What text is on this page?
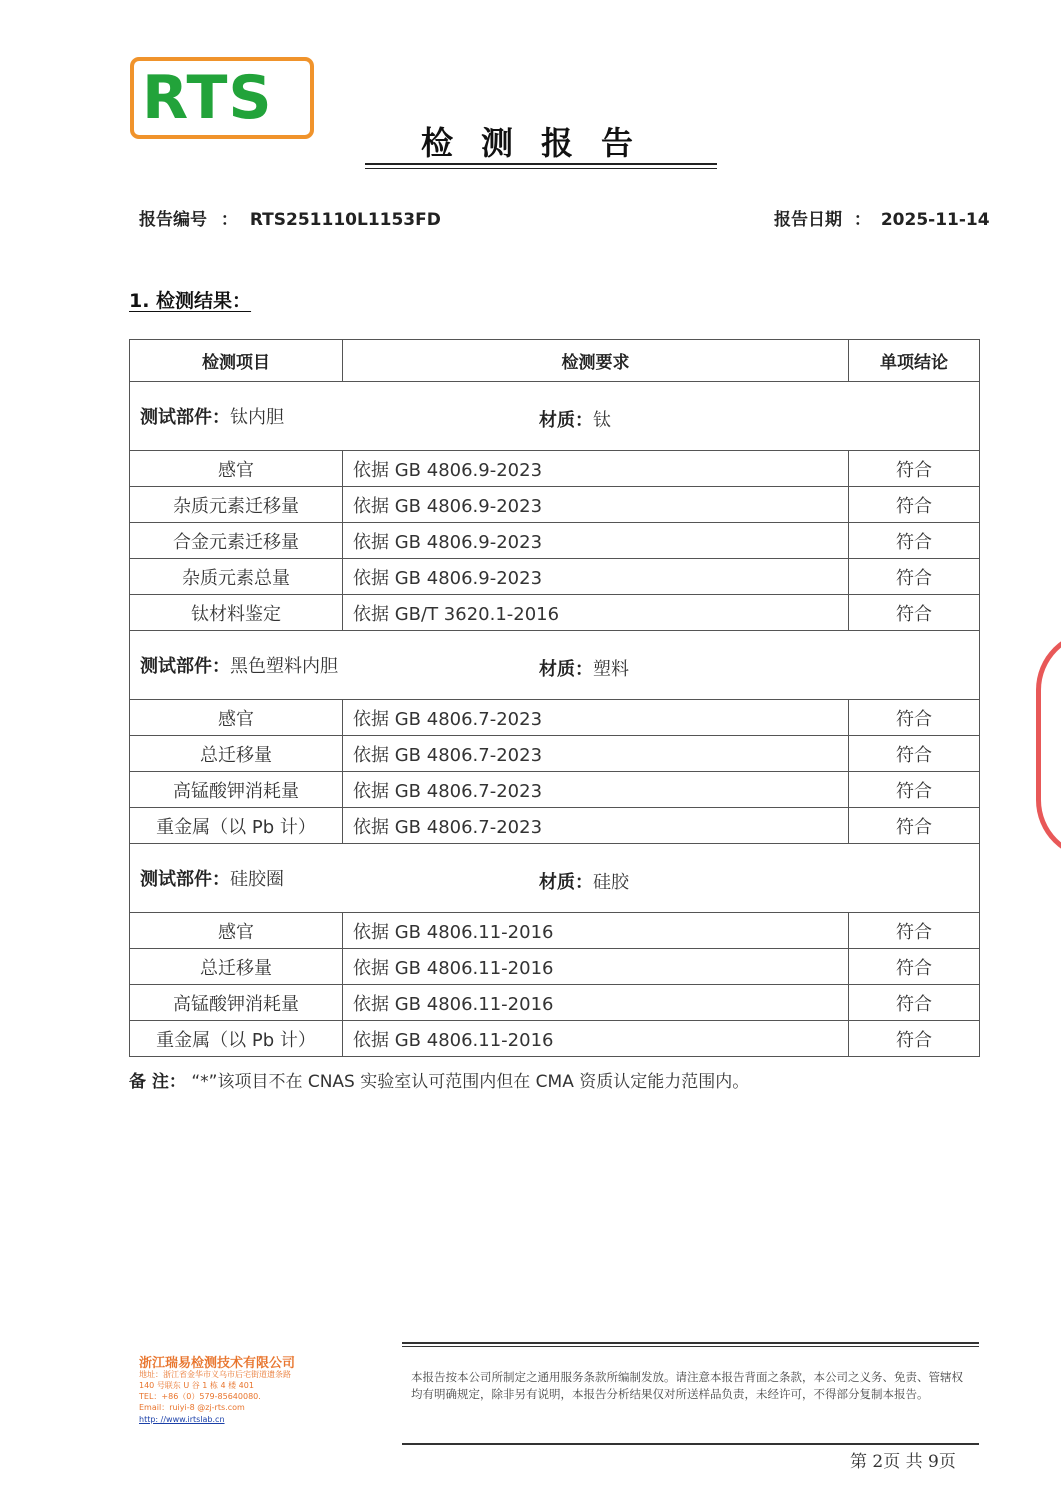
RTS
检测报告
报告编号 ： RTS251110L1153FD	报告日期 ： 2025-11-14
1. 检测结果：
检测项目	检测要求	单项结论
测试部件：钛内胆 材质：钛		

感官	依据 GB 4806.9-2023	符合
杂质元素迁移量	依据 GB 4806.9-2023	符合
合金元素迁移量	依据 GB 4806.9-2023	符合
杂质元素总量	依据 GB 4806.9-2023	符合
钛材料鉴定	依据 GB/T 3620.1-2016	符合
测试部件：黑色塑料内胆 材质：塑料		

感官	依据 GB 4806.7-2023	符合
总迁移量	依据 GB 4806.7-2023	符合
高锰酸钾消耗量	依据 GB 4806.7-2023	符合
重金属（以 Pb 计）	依据 GB 4806.7-2023	符合
测试部件：硅胶圈 材质：硅胶		

感官	依据 GB 4806.11-2016	符合
总迁移量	依据 GB 4806.11-2016	符合
高锰酸钾消耗量	依据 GB 4806.11-2016	符合
重金属（以 Pb 计）	依据 GB 4806.11-2016	符合
备 注： “*”该项目不在 CNAS 实验室认可范围内但在 CMA 资质认定能力范围内。
浙江瑞易检测技术有限公司
地址：浙江省金华市义乌市后宅街道遗条路
140 号联东 U 谷 1 栋 4 楼 401
TEL：+86（0）579-85640080.
Email：ruiyi-8 @zj-rts.com
http: //www.irtslab.cn
本报告按本公司所制定之通用服务条款所编制发放。请注意本报告背面之条款，本公司之义务、免责、管辖权均有明确规定，除非另有说明，本报告分析结果仅对所送样品负责，未经许可，不得部分复制本报告。
第 2页 共 9页
